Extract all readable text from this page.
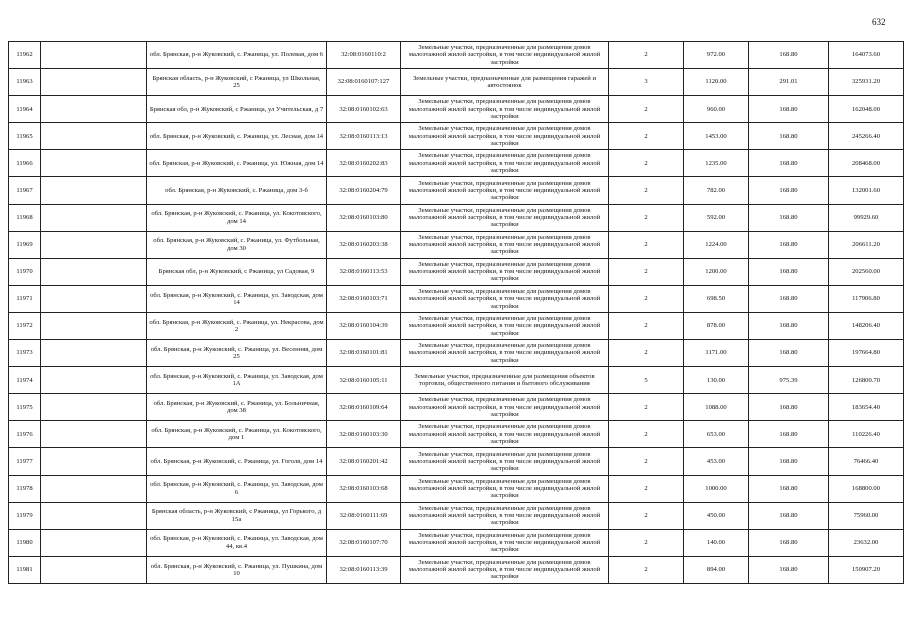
632
11962		обл. Брянская, р-н Жуковский, с. Ржаница, ул. Полевая, дом 6	32:08:0160110:2	Земельные участки, предназначенные для размещения домов малоэтажной жилой застройки, в том числе индивидуальной жилой застройки	2	972.00	168.80	164073.60
11963		Брянская область, р-н Жуковский, с Ржаница, ул Школьная, 25	32:08:0160107:127	Земельные участки, предназначенные для размещения гаражей и автостоянок	3	1120.00	291.01	325931.20
11964		Брянская обл, р-н Жуковский, с Ржаница, ул Учительская, д 7	32:08:0160102:63	Земельные участки, предназначенные для размещения домов малоэтажной жилой застройки, в том числе индивидуальной жилой застройки	2	960.00	168.80	162048.00
11965		обл. Брянская, р-н Жуковский, с. Ржаница, ул. Лесная, дом 14	32:08:0160113:13	Земельные участки, предназначенные для размещения домов малоэтажной жилой застройки, в том числе индивидуальной жилой застройки	2	1453.00	168.80	245266.40
11966		обл. Брянская, р-н Жуковский, с. Ржаница, ул. Южная, дом 14	32:08:0160202:83	Земельные участки, предназначенные для размещения домов малоэтажной жилой застройки, в том числе индивидуальной жилой застройки	2	1235.00	168.80	208468.00
11967		обл. Брянская, р-н Жуковский, с. Ржаница, дом 3-б	32:08:0160204:79	Земельные участки, предназначенные для размещения домов малоэтажной жилой застройки, в том числе индивидуальной жилой застройки	2	782.00	168.80	132001.60
11968		обл. Брянская, р-н Жуковский, с. Ржаница, ул. Кокотовского, дом 14	32:08:0160103:80	Земельные участки, предназначенные для размещения домов малоэтажной жилой застройки, в том числе индивидуальной жилой застройки	2	592.00	168.80	99929.60
11969		обл. Брянская, р-н Жуковский, с. Ржаница, ул. Футбольная, дом 30	32:08:0160203:38	Земельные участки, предназначенные для размещения домов малоэтажной жилой застройки, в том числе индивидуальной жилой застройки	2	1224.00	168.80	206611.20
11970		Брянская обл, р-н Жуковский, с Ржаница, ул Садовая, 9	32:08:0160113:53	Земельные участки, предназначенные для размещения домов малоэтажной жилой застройки, в том числе индивидуальной жилой застройки	2	1200.00	168.80	202560.00
11971		обл. Брянская, р-н Жуковский, с. Ржаница, ул. Заводская, дом 14	32:08:0160103:71	Земельные участки, предназначенные для размещения домов малоэтажной жилой застройки, в том числе индивидуальной жилой застройки	2	698.50	168.80	117906.80
11972		обл. Брянская, р-н Жуковский, с. Ржаница, ул. Некрасова, дом 2	32:08:0160104:39	Земельные участки, предназначенные для размещения домов малоэтажной жилой застройки, в том числе индивидуальной жилой застройки	2	878.00	168.80	148206.40
11973		обл. Брянская, р-н Жуковский, с. Ржаница, ул. Весенняя, дом 25	32:08:0160101:81	Земельные участки, предназначенные для размещения домов малоэтажной жилой застройки, в том числе индивидуальной жилой застройки	2	1171.00	168.80	197664.80
11974		обл. Брянская, р-н Жуковский, с. Ржаница, ул. Заводская, дом 1А	32:08:0160105:11	Земельные участки, предназначенные для размещения объектов торговли, общественного питания и бытового обслуживания	5	130.00	975.39	126800.70
11975		обл. Брянская, р-н Жуковский, с. Ржаница, ул. Больничная, дом 38	32:08:0160109:64	Земельные участки, предназначенные для размещения домов малоэтажной жилой застройки, в том числе индивидуальной жилой застройки	2	1088.00	168.80	183654.40
11976		обл. Брянская, р-н Жуковский, с. Ржаница, ул. Кокотовского, дом 1	32:08:0160103:30	Земельные участки, предназначенные для размещения домов малоэтажной жилой застройки, в том числе индивидуальной жилой застройки	2	653.00	168.80	110226.40
11977		обл. Брянская, р-н Жуковский, с. Ржаница, ул. Гоголя, дом 14	32:08:0160201:42	Земельные участки, предназначенные для размещения домов малоэтажной жилой застройки, в том числе индивидуальной жилой застройки	2	453.00	168.80	76466.40
11978		обл. Брянская, р-н Жуковский, с. Ржаница, ул. Заводская, дом 6	32:08:0160103:68	Земельные участки, предназначенные для размещения домов малоэтажной жилой застройки, в том числе индивидуальной жилой застройки	2	1000.00	168.80	168800.00
11979		Брянская область, р-н Жуковский, с Ржаница, ул Горького, д 15а	32:08:0160111:69	Земельные участки, предназначенные для размещения домов малоэтажной жилой застройки, в том числе индивидуальной жилой застройки	2	450.00	168.80	75960.00
11980		обл. Брянская, р-н Жуковский, с. Ржаница, ул. Заводская, дом 44, кв.4	32:08:0160107:70	Земельные участки, предназначенные для размещения домов малоэтажной жилой застройки, в том числе индивидуальной жилой застройки	2	140.00	168.80	23632.00
11981		обл. Брянская, р-н Жуковский, с. Ржаница, ул. Пушкина, дом 10	32:08:0160113:39	Земельные участки, предназначенные для размещения домов малоэтажной жилой застройки, в том числе индивидуальной жилой застройки	2	894.00	168.80	150907.20
